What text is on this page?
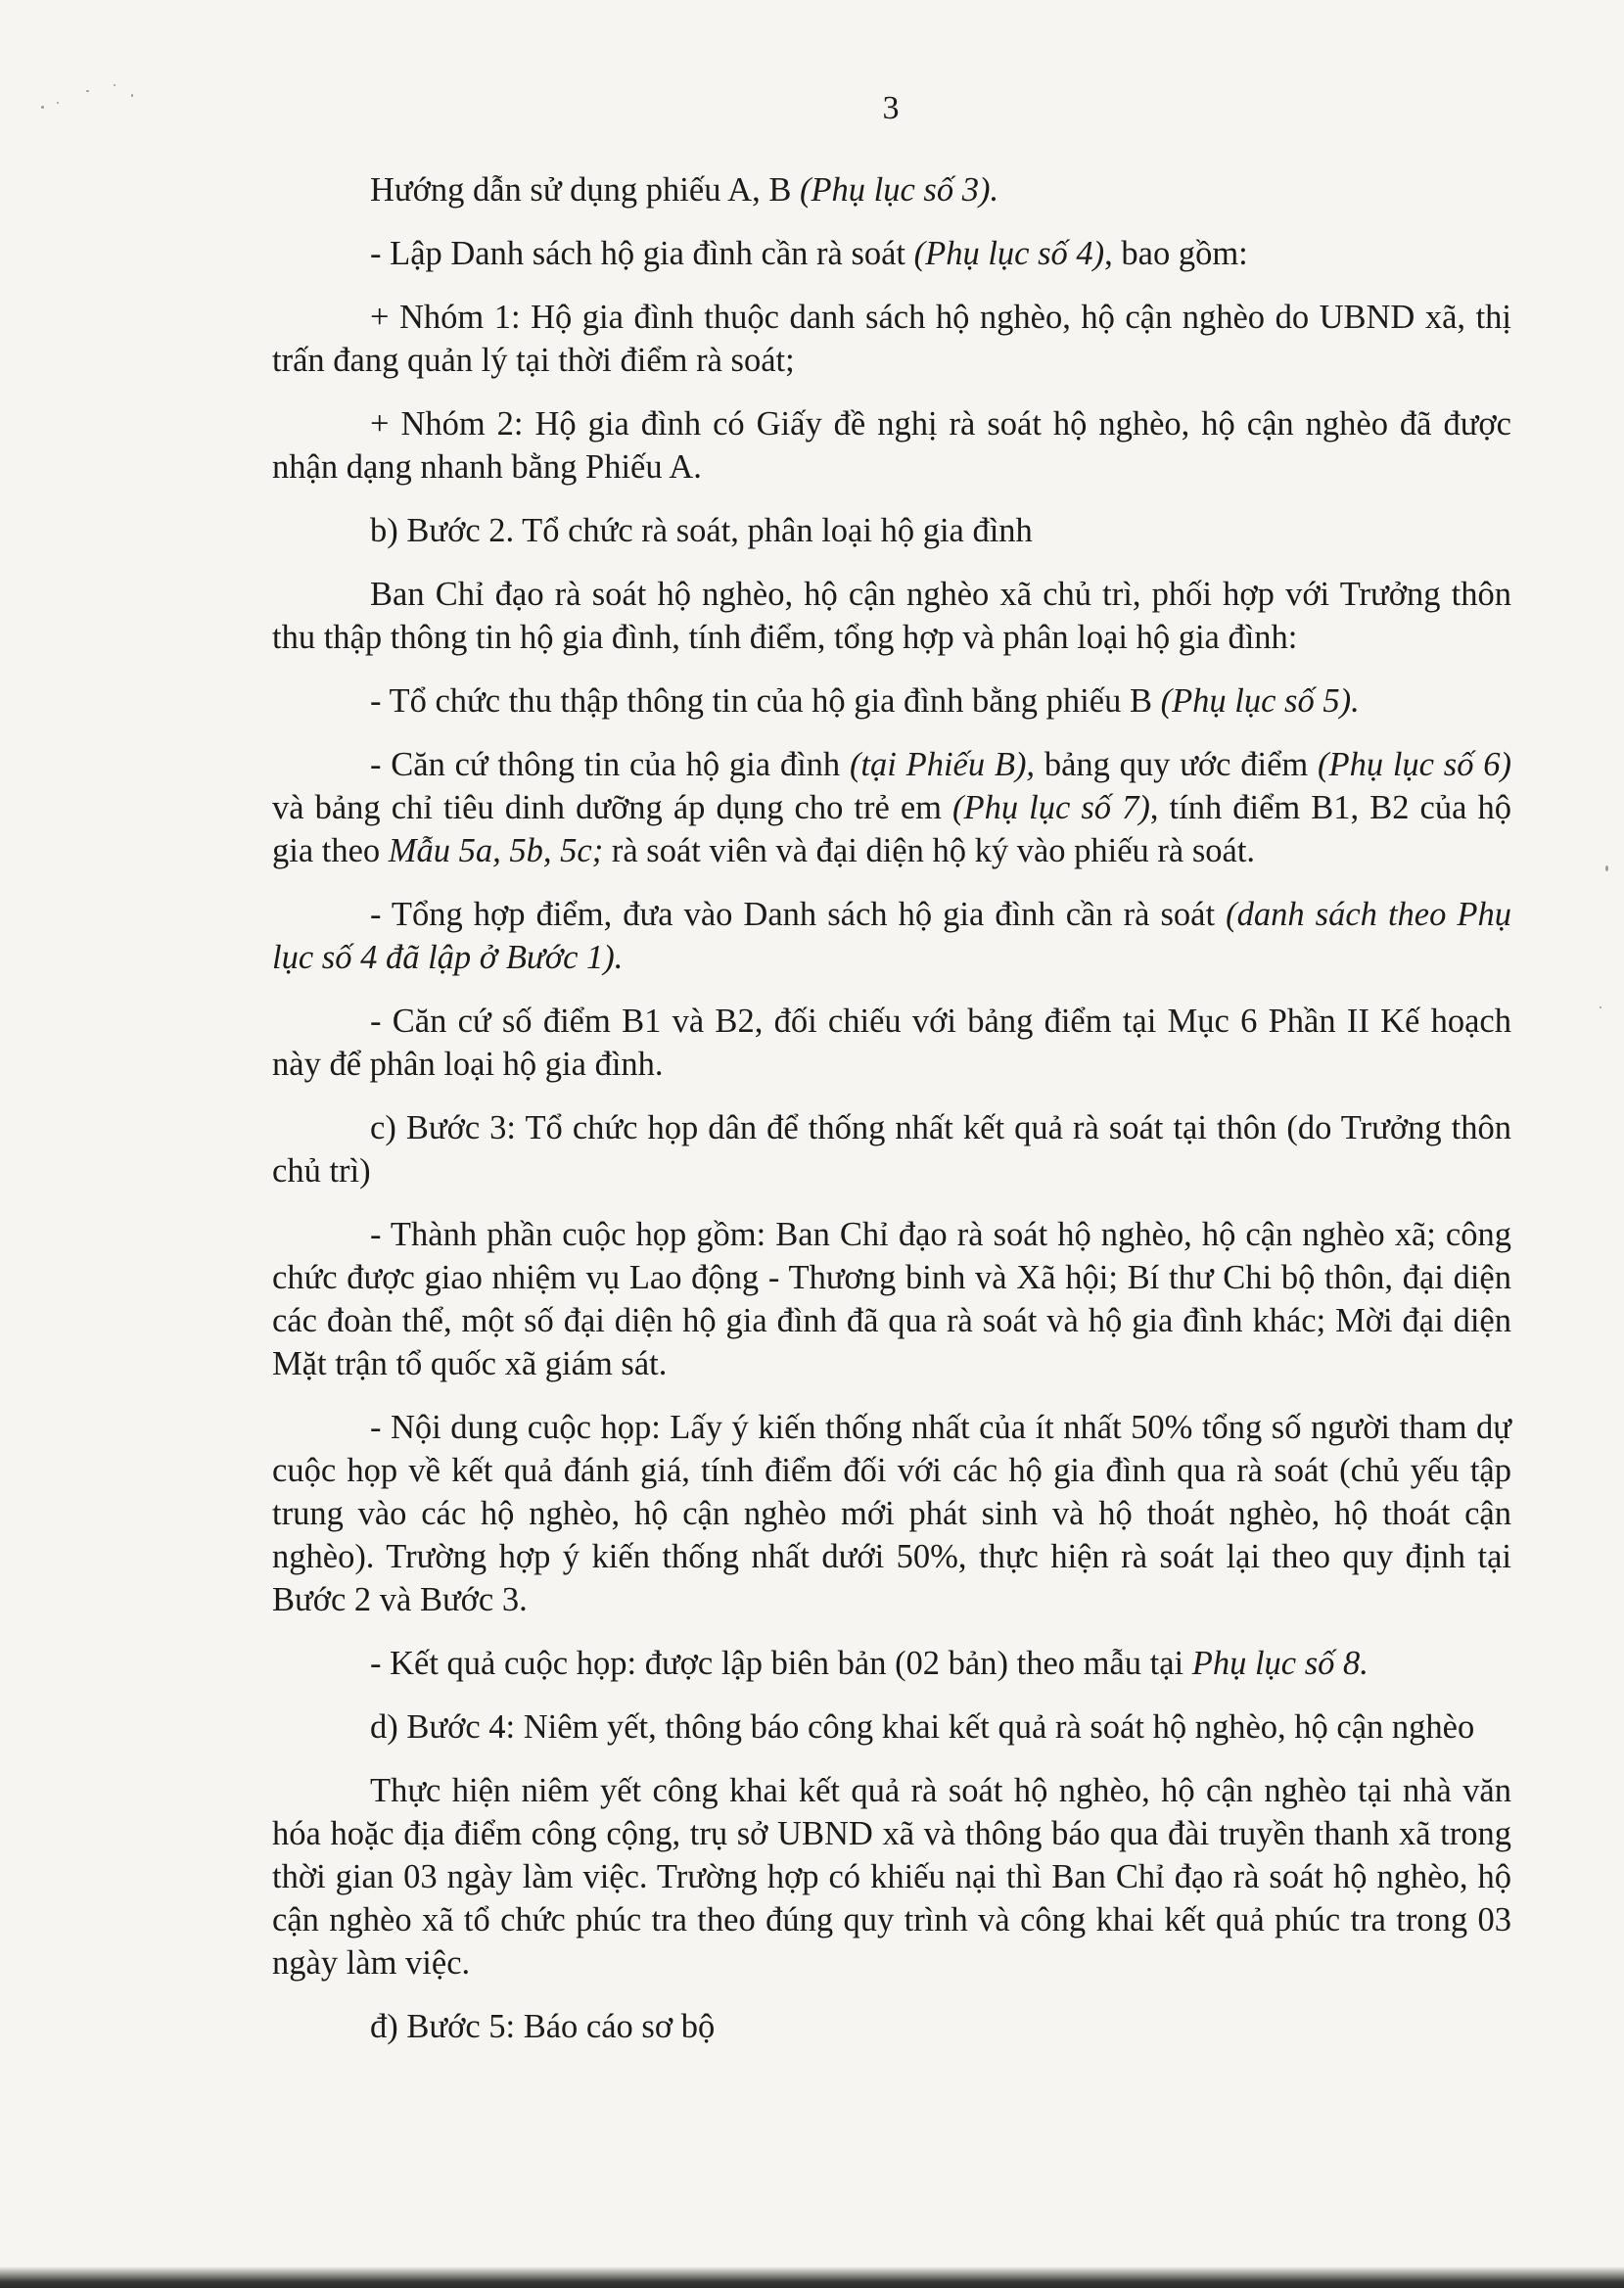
3

Hướng dẫn sử dụng phiếu A, B (Phụ lục số 3).

- Lập Danh sách hộ gia đình cần rà soát (Phụ lục số 4), bao gồm:

+ Nhóm 1: Hộ gia đình thuộc danh sách hộ nghèo, hộ cận nghèo do UBND xã, thị trấn đang quản lý tại thời điểm rà soát;

+ Nhóm 2: Hộ gia đình có Giấy đề nghị rà soát hộ nghèo, hộ cận nghèo đã được nhận dạng nhanh bằng Phiếu A.

b) Bước 2. Tổ chức rà soát, phân loại hộ gia đình

Ban Chỉ đạo rà soát hộ nghèo, hộ cận nghèo xã chủ trì, phối hợp với Trưởng thôn thu thập thông tin hộ gia đình, tính điểm, tổng hợp và phân loại hộ gia đình:

- Tổ chức thu thập thông tin của hộ gia đình bằng phiếu B (Phụ lục số 5).

- Căn cứ thông tin của hộ gia đình (tại Phiếu B), bảng quy ước điểm (Phụ lục số 6) và bảng chỉ tiêu dinh dưỡng áp dụng cho trẻ em (Phụ lục số 7), tính điểm B1, B2 của hộ gia theo Mẫu 5a, 5b, 5c; rà soát viên và đại diện hộ ký vào phiếu rà soát.

- Tổng hợp điểm, đưa vào Danh sách hộ gia đình cần rà soát (danh sách theo Phụ lục số 4 đã lập ở Bước 1).

- Căn cứ số điểm B1 và B2, đối chiếu với bảng điểm tại Mục 6 Phần II Kế hoạch này để phân loại hộ gia đình.

c) Bước 3: Tổ chức họp dân để thống nhất kết quả rà soát tại thôn (do Trưởng thôn chủ trì)

- Thành phần cuộc họp gồm: Ban Chỉ đạo rà soát hộ nghèo, hộ cận nghèo xã; công chức được giao nhiệm vụ Lao động - Thương binh và Xã hội; Bí thư Chi bộ thôn, đại diện các đoàn thể, một số đại diện hộ gia đình đã qua rà soát và hộ gia đình khác; Mời đại diện Mặt trận tổ quốc xã giám sát.

- Nội dung cuộc họp: Lấy ý kiến thống nhất của ít nhất 50% tổng số người tham dự cuộc họp về kết quả đánh giá, tính điểm đối với các hộ gia đình qua rà soát (chủ yếu tập trung vào các hộ nghèo, hộ cận nghèo mới phát sinh và hộ thoát nghèo, hộ thoát cận nghèo). Trường hợp ý kiến thống nhất dưới 50%, thực hiện rà soát lại theo quy định tại Bước 2 và Bước 3.

- Kết quả cuộc họp: được lập biên bản (02 bản) theo mẫu tại Phụ lục số 8.

d) Bước 4: Niêm yết, thông báo công khai kết quả rà soát hộ nghèo, hộ cận nghèo

Thực hiện niêm yết công khai kết quả rà soát hộ nghèo, hộ cận nghèo tại nhà văn hóa hoặc địa điểm công cộng, trụ sở UBND xã và thông báo qua đài truyền thanh xã trong thời gian 03 ngày làm việc. Trường hợp có khiếu nại thì Ban Chỉ đạo rà soát hộ nghèo, hộ cận nghèo xã tổ chức phúc tra theo đúng quy trình và công khai kết quả phúc tra trong 03 ngày làm việc.

đ) Bước 5: Báo cáo sơ bộ
